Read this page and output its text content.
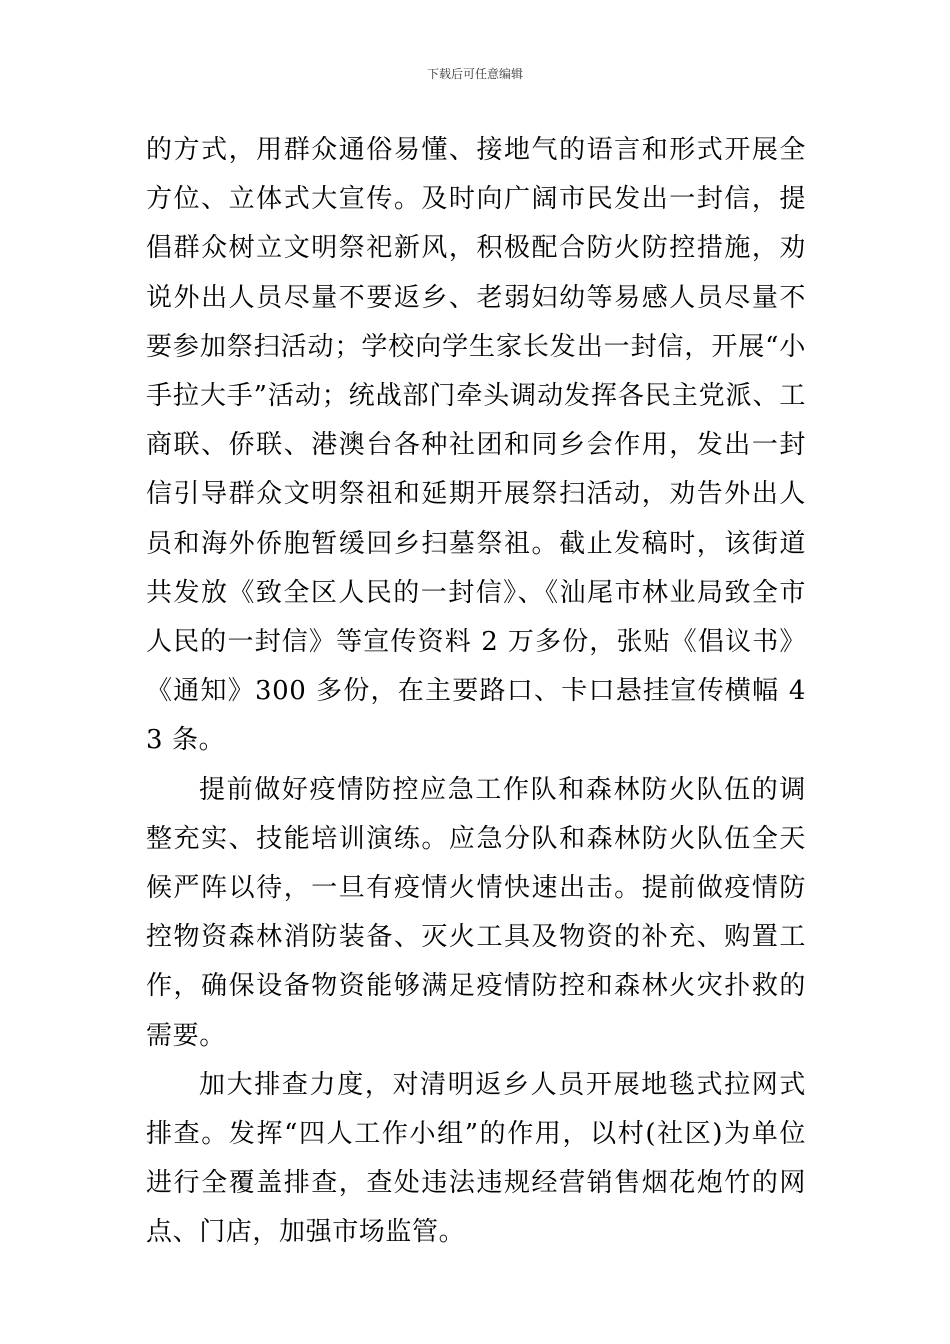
下载后可任意编辑

的方式，用群众通俗易懂、接地气的语言和形式开展全方位、立体式大宣传。及时向广阔市民发出一封信，提倡群众树立文明祭祀新风，积极配合防火防控措施，劝说外出人员尽量不要返乡、老弱妇幼等易感人员尽量不要参加祭扫活动；学校向学生家长发出一封信，开展“小手拉大手”活动；统战部门牵头调动发挥各民主党派、工商联、侨联、港澳台各种社团和同乡会作用，发出一封信引导群众文明祭祖和延期开展祭扫活动，劝告外出人员和海外侨胞暂缓回乡扫墓祭祖。截止发稿时，该街道共发放《致全区人民的一封信》、《汕尾市林业局致全市人民的一封信》等宣传资料 2 万多份，张贴《倡议书》《通知》300 多份，在主要路口、卡口悬挂宣传横幅 43 条。

提前做好疫情防控应急工作队和森林防火队伍的调整充实、技能培训演练。应急分队和森林防火队伍全天候严阵以待，一旦有疫情火情快速出击。提前做疫情防控物资森林消防装备、灭火工具及物资的补充、购置工作，确保设备物资能够满足疫情防控和森林火灾扑救的需要。

加大排查力度，对清明返乡人员开展地毯式拉网式排查。发挥“四人工作小组”的作用，以村(社区)为单位进行全覆盖排查，查处违法违规经营销售烟花炮竹的网点、门店，加强市场监管。
